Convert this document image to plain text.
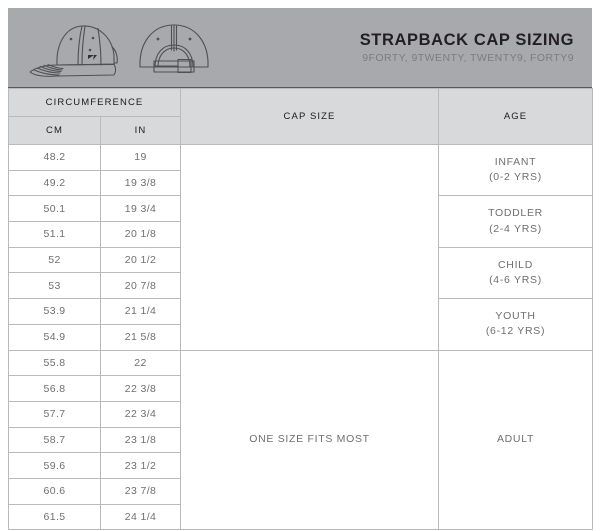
STRAPBACK CAP SIZING
9FORTY, 9TWENTY, TWENTY9, FORTY9
CIRCUMFERENCE		CAP SIZE	AGE
CM	IN		
48.2	19		INFANT
(0-2 YRS)

49.2	19 3/8		
50.1	19 3/4		TODDLER
(2-4 YRS)

51.1	20 1/8		
52	20 1/2		CHILD
(4-6 YRS)

53	20 7/8		
53.9	21 1/4		YOUTH
(6-12 YRS)

54.9	21 5/8		
55.8	22	ONE SIZE FITS MOST	ADULT
56.8	22 3/8		
57.7	22 3/4		
58.7	23 1/8		
59.6	23 1/2		
60.6	23 7/8		
61.5	24 1/4		
